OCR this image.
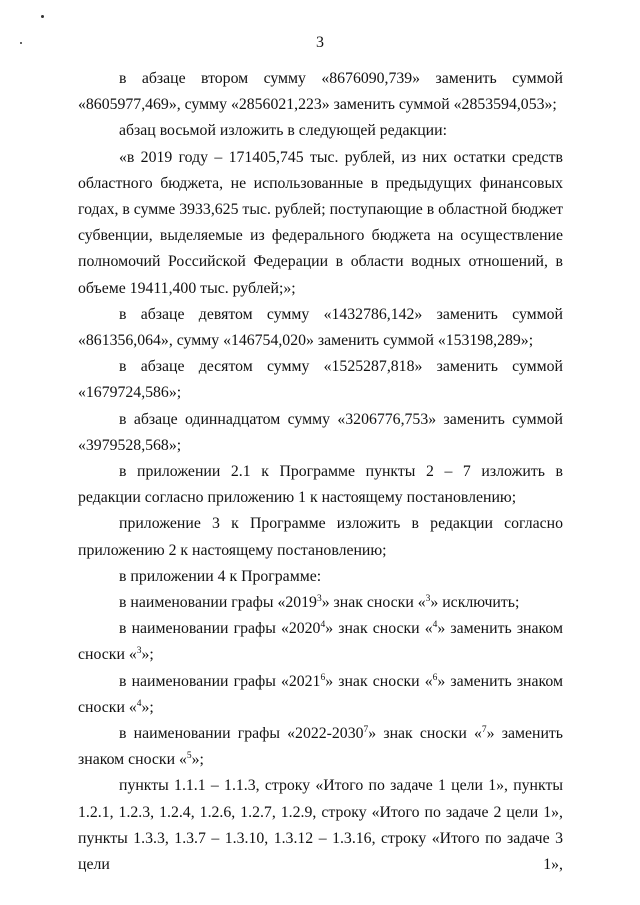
3

в абзаце втором сумму «8676090,739» заменить суммой «8605977,469», сумму «2856021,223» заменить суммой «2853594,053»;

абзац восьмой изложить в следующей редакции:

«в 2019 году – 171405,745 тыс. рублей, из них остатки средств областного бюджета, не использованные в предыдущих финансовых годах, в сумме 3933,625 тыс. рублей; поступающие в областной бюджет субвенции, выделяемые из федерального бюджета на осуществление полномочий Российской Федерации в области водных отношений, в объеме 19411,400 тыс. рублей;»;

в абзаце девятом сумму «1432786,142» заменить суммой «861356,064», сумму «146754,020» заменить суммой «153198,289»;

в абзаце десятом сумму «1525287,818» заменить суммой «1679724,586»;

в абзаце одиннадцатом сумму «3206776,753» заменить суммой «3979528,568»;

в приложении 2.1 к Программе пункты 2 – 7 изложить в редакции согласно приложению 1 к настоящему постановлению;

приложение 3 к Программе изложить в редакции согласно приложению 2 к настоящему постановлению;

в приложении 4 к Программе:

в наименовании графы «2019$^3$» знак сноски «$^3$» исключить;

в наименовании графы «2020$^4$» знак сноски «$^4$» заменить знаком сноски «$^3$»;

в наименовании графы «2021$^6$» знак сноски «$^6$» заменить знаком сноски «$^4$»;

в наименовании графы «2022-2030$^7$» знак сноски «$^7$» заменить знаком сноски «$^5$»;

пункты 1.1.1 – 1.1.3, строку «Итого по задаче 1 цели 1», пункты 1.2.1, 1.2.3, 1.2.4, 1.2.6, 1.2.7, 1.2.9, строку «Итого по задаче 2 цели 1», пункты 1.3.3, 1.3.7 – 1.3.10, 1.3.12 – 1.3.16, строку «Итого по задаче 3 цели 1»,
